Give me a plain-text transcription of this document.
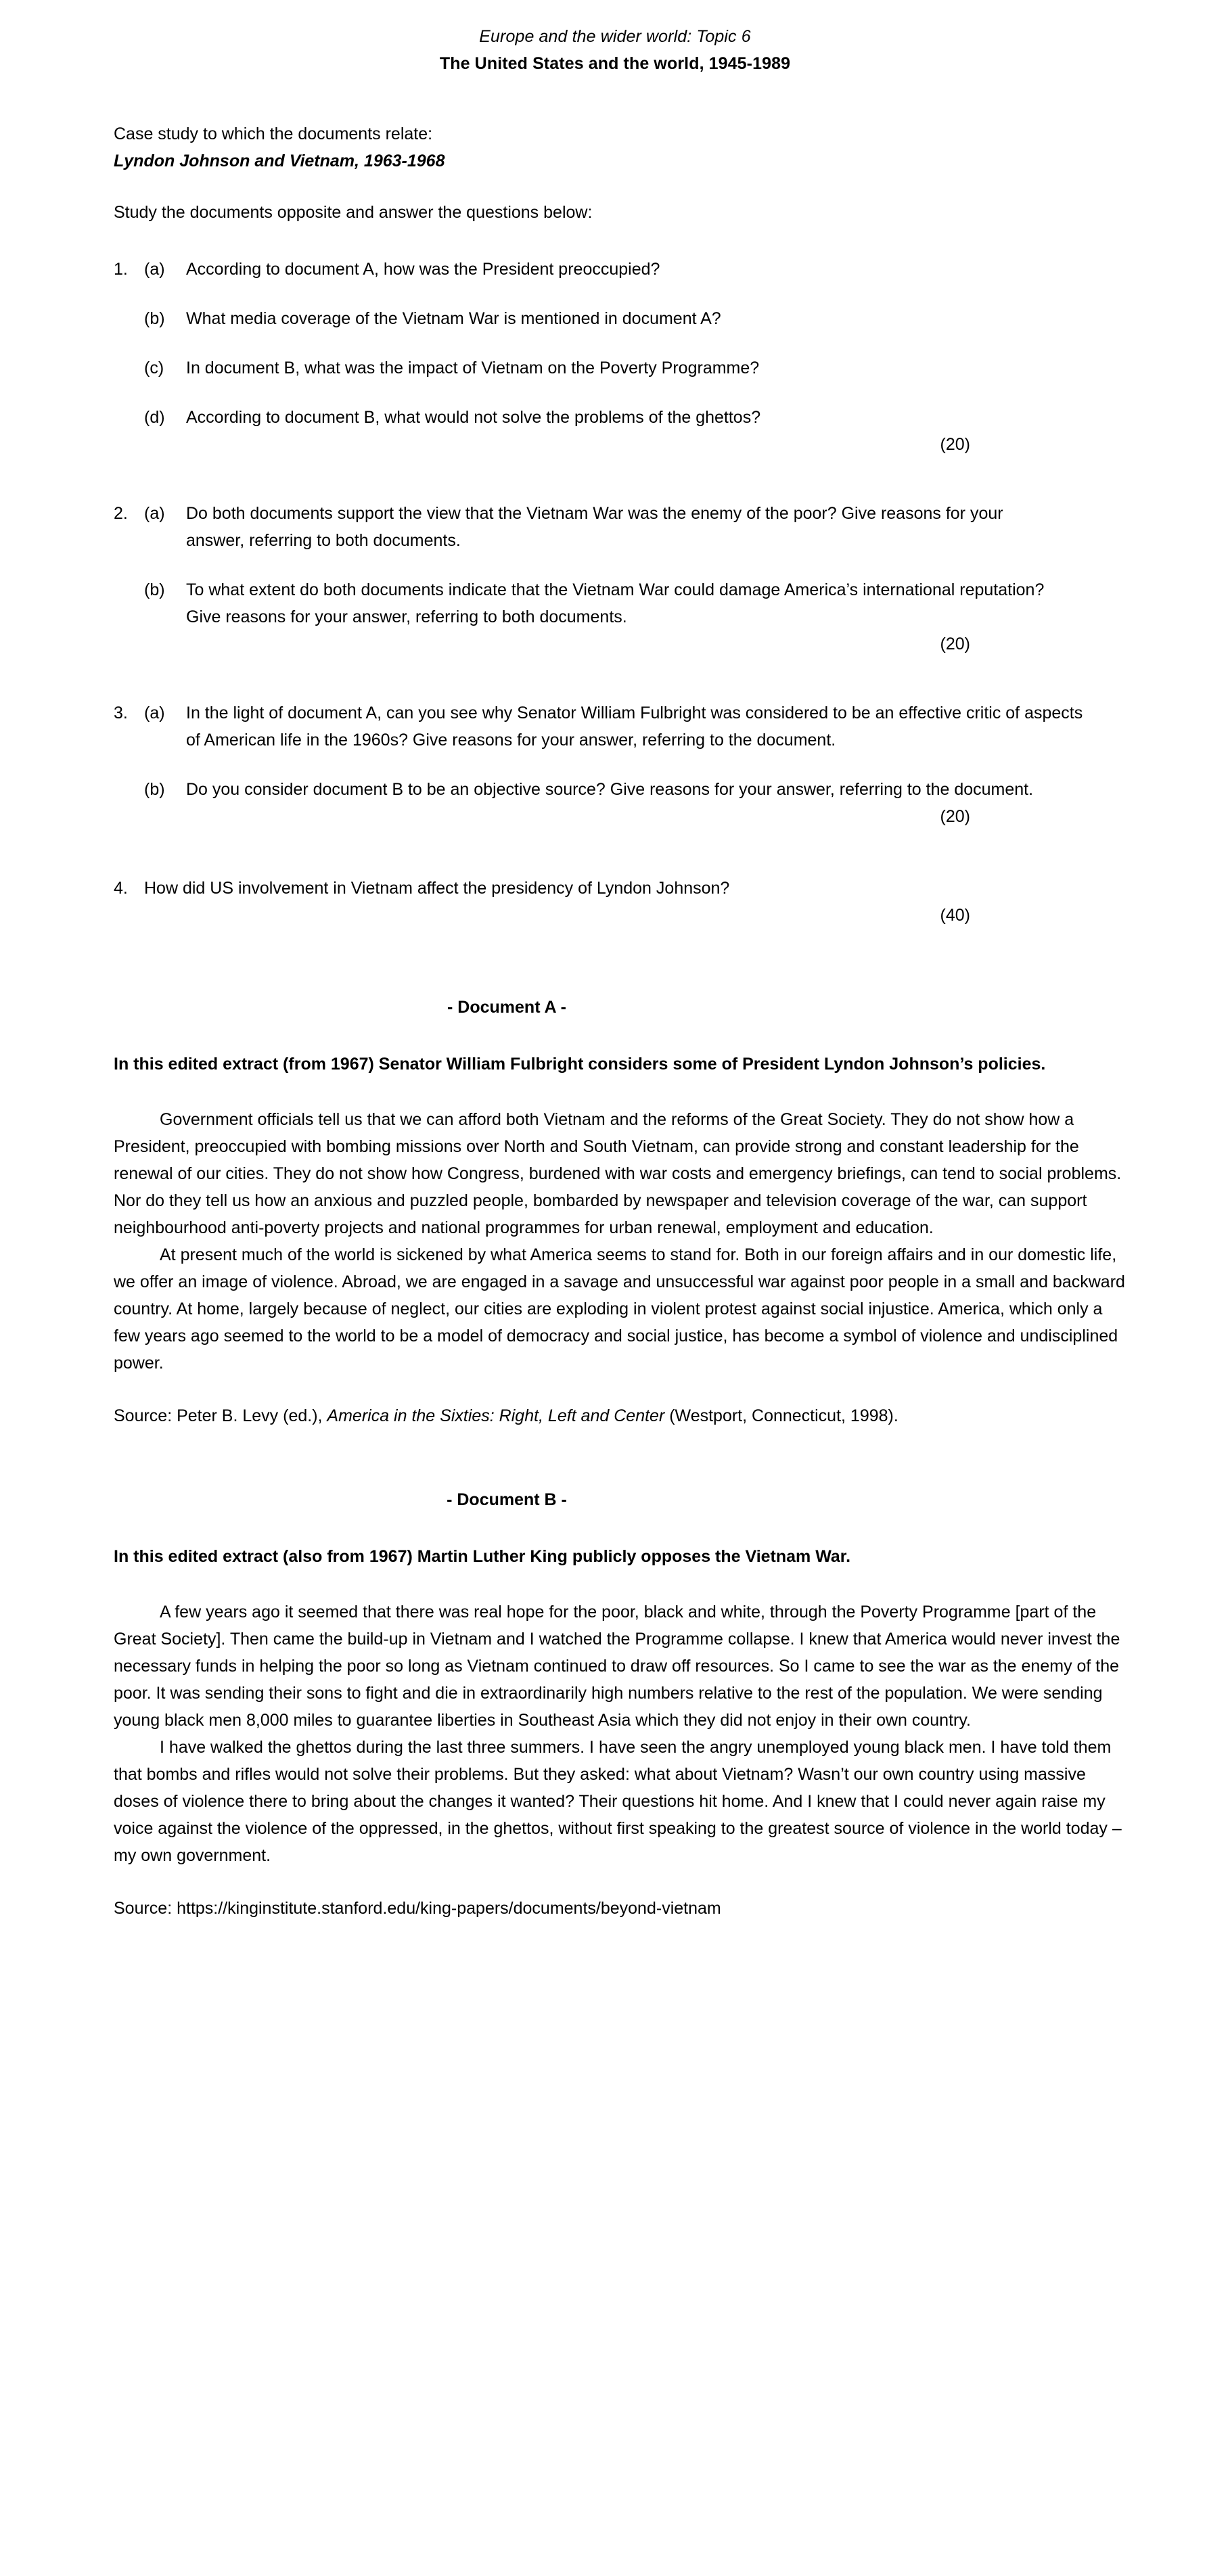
Europe and the wider world: Topic 6
The United States and the world, 1945-1989
Case study to which the documents relate:
Lyndon Johnson and Vietnam, 1963-1968
Study the documents opposite and answer the questions below:
1. (a)	According to document A, how was the President preoccupied?
(b)	What media coverage of the Vietnam War is mentioned in document A?
(c)	In document B, what was the impact of Vietnam on the Poverty Programme?
(d)	According to document B, what would not solve the problems of the ghettos?
(20)
2. (a)	Do both documents support the view that the Vietnam War was the enemy of the poor? Give reasons for your answer, referring to both documents.
(b)	To what extent do both documents indicate that the Vietnam War could damage America’s international reputation? Give reasons for your answer, referring to both documents.
(20)
3. (a)	In the light of document A, can you see why Senator William Fulbright was considered to be an effective critic of aspects of American life in the 1960s? Give reasons for your answer, referring to the document.
(b)	Do you consider document B to be an objective source? Give reasons for your answer, referring to the document.
(20)
4. How did US involvement in Vietnam affect the presidency of Lyndon Johnson?
(40)
- Document A -
In this edited extract (from 1967) Senator William Fulbright considers some of President Lyndon Johnson’s policies.

Government officials tell us that we can afford both Vietnam and the reforms of the Great Society. They do not show how a President, preoccupied with bombing missions over North and South Vietnam, can provide strong and constant leadership for the renewal of our cities. They do not show how Congress, burdened with war costs and emergency briefings, can tend to social problems. Nor do they tell us how an anxious and puzzled people, bombarded by newspaper and television coverage of the war, can support neighbourhood anti-poverty projects and national programmes for urban renewal, employment and education.

At present much of the world is sickened by what America seems to stand for. Both in our foreign affairs and in our domestic life, we offer an image of violence. Abroad, we are engaged in a savage and unsuccessful war against poor people in a small and backward country. At home, largely because of neglect, our cities are exploding in violent protest against social injustice. America, which only a few years ago seemed to the world to be a model of democracy and social justice, has become a symbol of violence and undisciplined power.

Source: Peter B. Levy (ed.), America in the Sixties: Right, Left and Center (Westport, Connecticut, 1998).
- Document B -
In this edited extract (also from 1967) Martin Luther King publicly opposes the Vietnam War.

A few years ago it seemed that there was real hope for the poor, black and white, through the Poverty Programme [part of the Great Society]. Then came the build-up in Vietnam and I watched the Programme collapse. I knew that America would never invest the necessary funds in helping the poor so long as Vietnam continued to draw off resources. So I came to see the war as the enemy of the poor. It was sending their sons to fight and die in extraordinarily high numbers relative to the rest of the population. We were sending young black men 8,000 miles to guarantee liberties in Southeast Asia which they did not enjoy in their own country.

I have walked the ghettos during the last three summers. I have seen the angry unemployed young black men. I have told them that bombs and rifles would not solve their problems. But they asked: what about Vietnam? Wasn’t our own country using massive doses of violence there to bring about the changes it wanted? Their questions hit home. And I knew that I could never again raise my voice against the violence of the oppressed, in the ghettos, without first speaking to the greatest source of violence in the world today – my own government.

Source: https://kinginstitute.stanford.edu/king-papers/documents/beyond-vietnam
